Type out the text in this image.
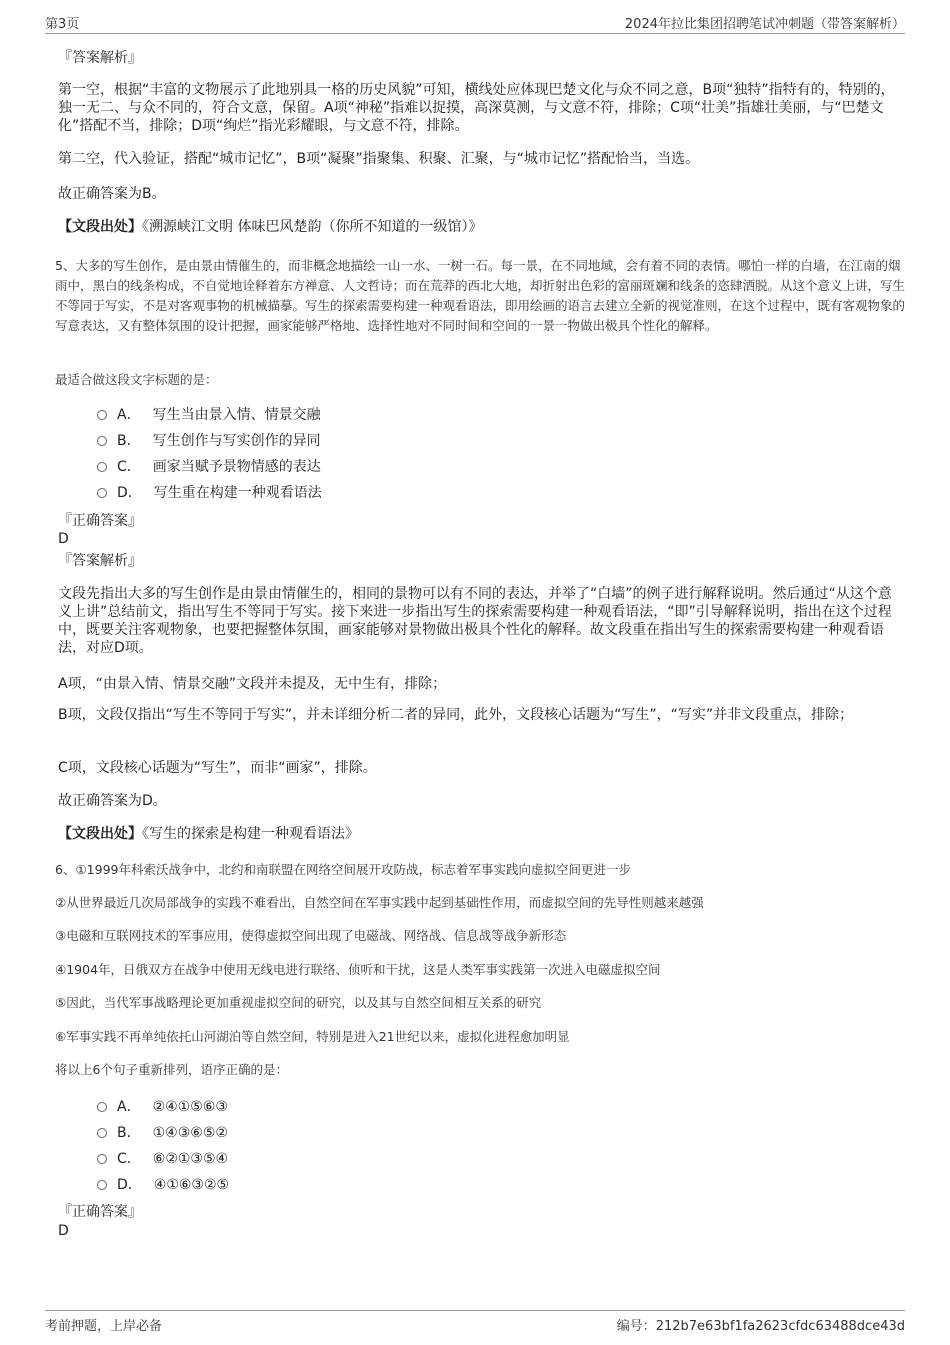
第3页	2024年拉比集团招聘笔试冲刺题（带答案解析）
『答案解析』
第一空，根据“丰富的文物展示了此地别具一格的历史风貌”可知，横线处应体现巴楚文化与众不同之意，B项“独特”指特有的，特别的，独一无二、与众不同的，符合文意，保留。A项“神秘”指难以捉摸，高深莫测，与文意不符，排除；C项“壮美”指雄壮美丽，与“巴楚文化”搭配不当，排除；D项“绚烂”指光彩耀眼，与文意不符，排除。
第二空，代入验证，搭配“城市记忆”，B项“凝聚”指聚集、积聚、汇聚，与“城市记忆”搭配恰当，当选。
故正确答案为B。
【文段出处】《溯源峡江文明 体味巴风楚韵（你所不知道的一级馆）》
5、大多的写生创作，是由景由情催生的，而非概念地描绘一山一水、一树一石。每一景，在不同地域，会有着不同的表情。哪怕一样的白墙，在江南的烟雨中，黑白的线条构成，不自觉地诠释着东方禅意、人文哲诗；而在荒莽的西北大地，却折射出色彩的富丽斑斓和线条的恣肆洒脱。从这个意义上讲，写生不等同于写实，不是对客观事物的机械描摹。写生的探索需要构建一种观看语法，即用绘画的语言去建立全新的视觉准则，在这个过程中，既有客观物象的写意表达，又有整体氛围的设计把握，画家能够严格地、选择性地对不同时间和空间的一景一物做出极具个性化的解释。
最适合做这段文字标题的是：
A． 写生当由景入情、情景交融
B． 写生创作与写实创作的异同
C． 画家当赋予景物情感的表达
D． 写生重在构建一种观看语法
『正确答案』
D
『答案解析』
文段先指出大多的写生创作是由景由情催生的，相同的景物可以有不同的表达，并举了“白墙”的例子进行解释说明。然后通过“从这个意义上讲”总结前文，指出写生不等同于写实。接下来进一步指出写生的探索需要构建一种观看语法，“即”引导解释说明，指出在这个过程中，既要关注客观物象，也要把握整体氛围，画家能够对景物做出极具个性化的解释。故文段重在指出写生的探索需要构建一种观看语法，对应D项。
A项，“由景入情、情景交融”文段并未提及，无中生有，排除；
B项，文段仅指出“写生不等同于写实”，并未详细分析二者的异同，此外，文段核心话题为“写生”，“写实”并非文段重点，排除；
C项，文段核心话题为“写生”，而非“画家”，排除。
故正确答案为D。
【文段出处】《写生的探索是构建一种观看语法》
6、①1999年科索沃战争中，北约和南联盟在网络空间展开攻防战，标志着军事实践向虚拟空间更进一步
②从世界最近几次局部战争的实践不难看出，自然空间在军事实践中起到基础性作用，而虚拟空间的先导性则越来越强
③电磁和互联网技术的军事应用，使得虚拟空间出现了电磁战、网络战、信息战等战争新形态
④1904年，日俄双方在战争中使用无线电进行联络、侦听和干扰，这是人类军事实践第一次进入电磁虚拟空间
⑤因此，当代军事战略理论更加重视虚拟空间的研究，以及其与自然空间相互关系的研究
⑥军事实践不再单纯依托山河湖泊等自然空间，特别是进入21世纪以来，虚拟化进程愈加明显
将以上6个句子重新排列，语序正确的是：
A． ②④①⑤⑥③
B． ①④③⑥⑤②
C． ⑥②①③⑤④
D． ④①⑥③②⑤
『正确答案』
D
考前押题，上岸必备	编号：212b7e63bf1fa2623cfdc63488dce43d
